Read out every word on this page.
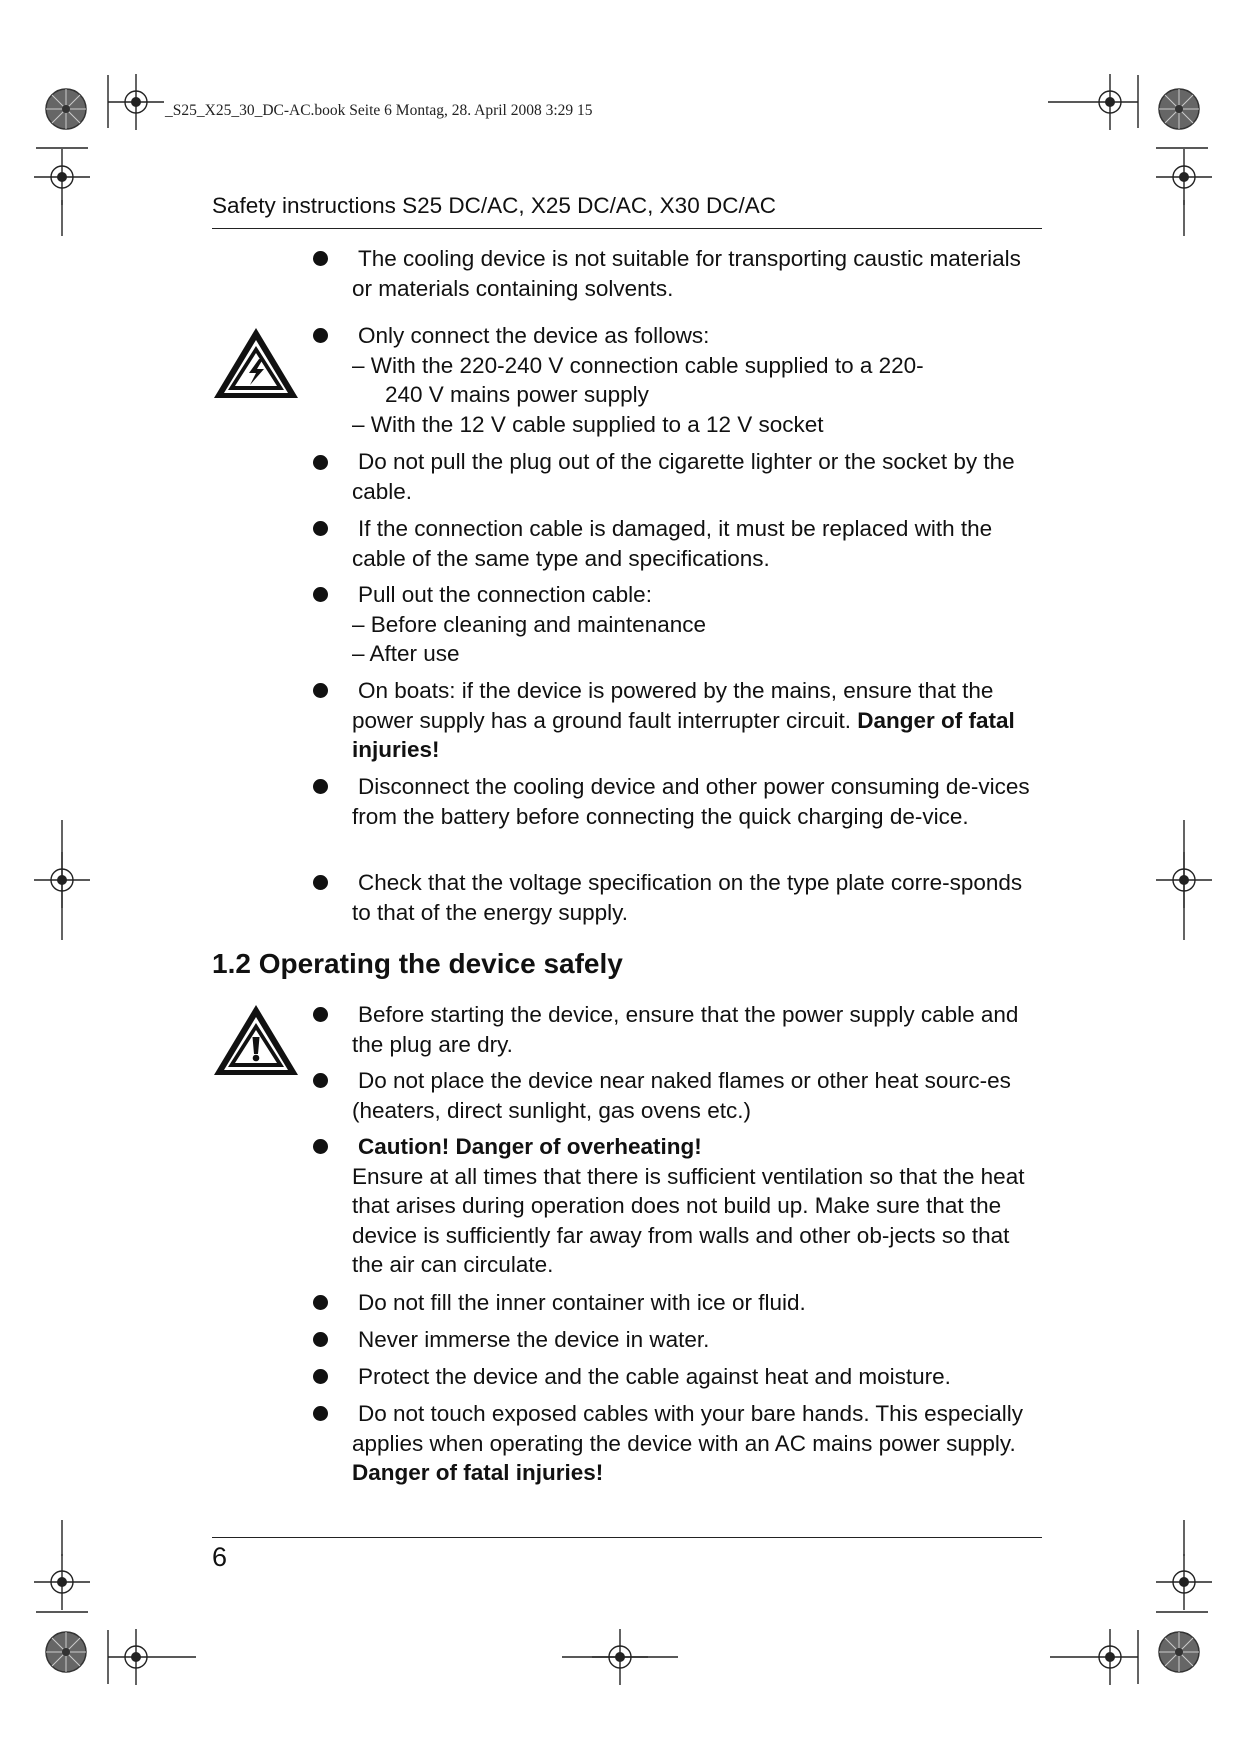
_S25_X25_30_DC-AC.book Seite 6 Montag, 28. April 2008 3:29 15
Safety instructions S25 DC/AC, X25 DC/AC, X30 DC/AC
The cooling device is not suitable for transporting caustic materials or materials containing solvents.
Only connect the device as follows:
– With the 220-240 V connection cable supplied to a 220-
240 V mains power supply
– With the 12 V cable supplied to a 12 V socket
Do not pull the plug out of the cigarette lighter or the socket by the cable.
If the connection cable is damaged, it must be replaced with the cable of the same type and specifications.
Pull out the connection cable:
– Before cleaning and maintenance
– After use
On boats: if the device is powered by the mains, ensure that the power supply has a ground fault interrupter circuit. Danger of fatal injuries!
Disconnect the cooling device and other power consuming de-vices from the battery before connecting the quick charging de-vice.
Check that the voltage specification on the type plate corre-sponds to that of the energy supply.
1.2 Operating the device safely
Before starting the device, ensure that the power supply cable and the plug are dry.
Do not place the device near naked flames or other heat sourc-es (heaters, direct sunlight, gas ovens etc.)
Caution! Danger of overheating!
Ensure at all times that there is sufficient ventilation so that the heat that arises during operation does not build up. Make sure that the device is sufficiently far away from walls and other ob-jects so that the air can circulate.
Do not fill the inner container with ice or fluid.
Never immerse the device in water.
Protect the device and the cable against heat and moisture.
Do not touch exposed cables with your bare hands. This especially applies when operating the device with an AC mains power supply. Danger of fatal injuries!
6
